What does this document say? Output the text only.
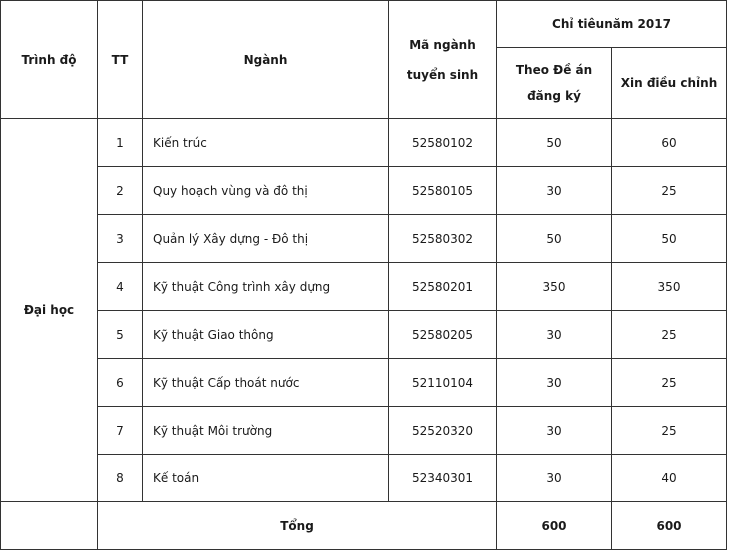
Trình độ	TT	Ngành	Mã ngành tuyển sinh	Chỉ tiêunăm 2017	
				Theo Đề án đăng ký	Xin điều chỉnh
Đại học	1	Kiến trúc	52580102	50	60
	2	Quy hoạch vùng và đô thị	52580105	30	25
	3	Quản lý Xây dựng - Đô thị	52580302	50	50
	4	Kỹ thuật Công trình xây dựng	52580201	350	350
	5	Kỹ thuật Giao thông	52580205	30	25
	6	Kỹ thuật Cấp thoát nước	52110104	30	25
	7	Kỹ thuật Môi trường	52520320	30	25
	8	Kế toán	52340301	30	40
	Tổng			600	600
